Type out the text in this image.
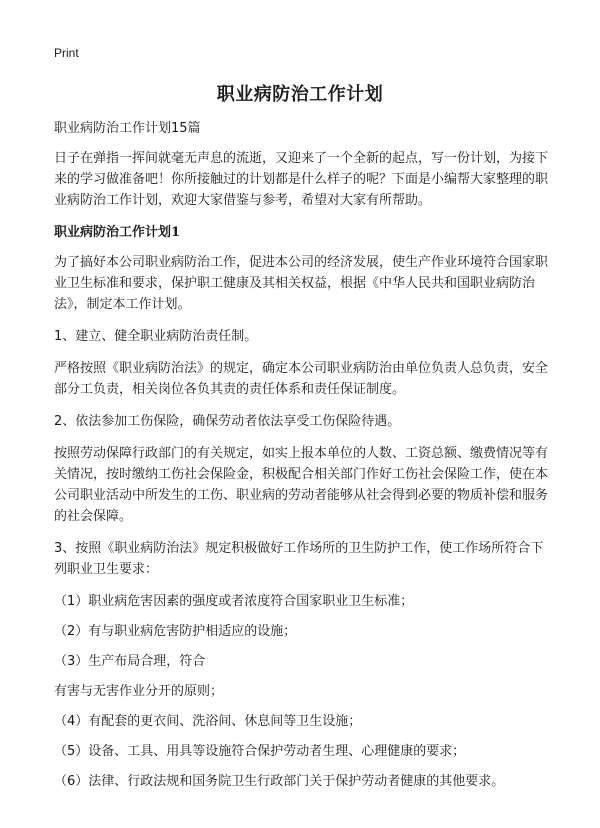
Print
职业病防治工作计划

职业病防治工作计划15篇

日子在弹指一挥间就毫无声息的流逝，又迎来了一个全新的起点，写一份计划，为接下来的学习做准备吧！你所接触过的计划都是什么样子的呢？下面是小编帮大家整理的职业病防治工作计划，欢迎大家借鉴与参考，希望对大家有所帮助。

职业病防治工作计划1

为了搞好本公司职业病防治工作，促进本公司的经济发展，使生产作业环境符合国家职业卫生标准和要求，保护职工健康及其相关权益，根据《中华人民共和国职业病防治法》，制定本工作计划。

1、建立、健全职业病防治责任制。

严格按照《职业病防治法》的规定，确定本公司职业病防治由单位负责人总负责，安全部分工负责，相关岗位各负其责的责任体系和责任保证制度。

2、依法参加工伤保险，确保劳动者依法享受工伤保险待遇。

按照劳动保障行政部门的有关规定，如实上报本单位的人数、工资总额、缴费情况等有关情况，按时缴纳工伤社会保险金，积极配合相关部门作好工伤社会保险工作，使在本公司职业活动中所发生的工伤、职业病的劳动者能够从社会得到必要的物质补偿和服务的社会保障。

3、按照《职业病防治法》规定积极做好工作场所的卫生防护工作，使工作场所符合下列职业卫生要求：

（1）职业病危害因素的强度或者浓度符合国家职业卫生标准；

（2）有与职业病危害防护相适应的设施；

（3）生产布局合理，符合

有害与无害作业分开的原则；

（4）有配套的更衣间、洗浴间、休息间等卫生设施；

（5）设备、工具、用具等设施符合保护劳动者生理、心理健康的要求；

（6）法律、行政法规和国务院卫生行政部门关于保护劳动者健康的其他要求。
